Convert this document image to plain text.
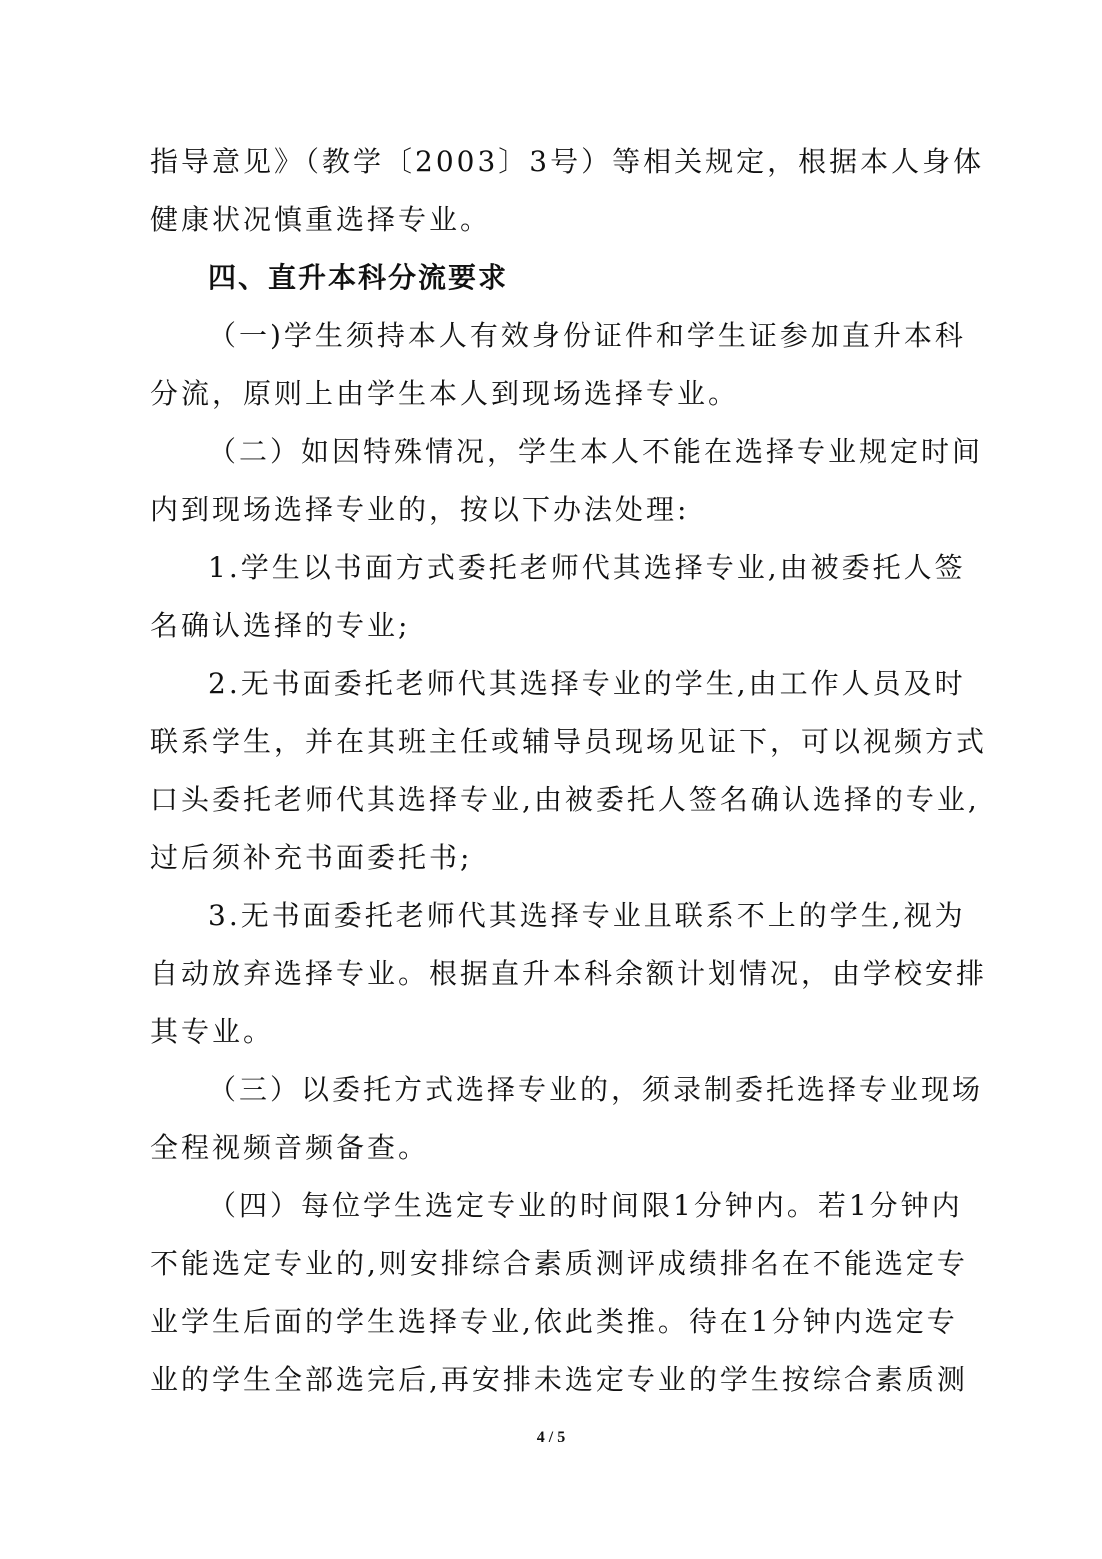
指导意见》（教学〔2003〕3号）等相关规定，根据本人身体
健康状况慎重选择专业。
四、直升本科分流要求
（一)学生须持本人有效身份证件和学生证参加直升本科
分流，原则上由学生本人到现场选择专业。
（二）如因特殊情况，学生本人不能在选择专业规定时间
内到现场选择专业的，按以下办法处理:
1.学生以书面方式委托老师代其选择专业,由被委托人签
名确认选择的专业;
2.无书面委托老师代其选择专业的学生,由工作人员及时
联系学生，并在其班主任或辅导员现场见证下，可以视频方式
口头委托老师代其选择专业,由被委托人签名确认选择的专业,
过后须补充书面委托书;
3.无书面委托老师代其选择专业且联系不上的学生,视为
自动放弃选择专业。根据直升本科余额计划情况，由学校安排
其专业。
（三）以委托方式选择专业的，须录制委托选择专业现场
全程视频音频备查。
（四）每位学生选定专业的时间限1分钟内。若1分钟内
不能选定专业的,则安排综合素质测评成绩排名在不能选定专
业学生后面的学生选择专业,依此类推。待在1分钟内选定专
业的学生全部选完后,再安排未选定专业的学生按综合素质测
4 / 5
